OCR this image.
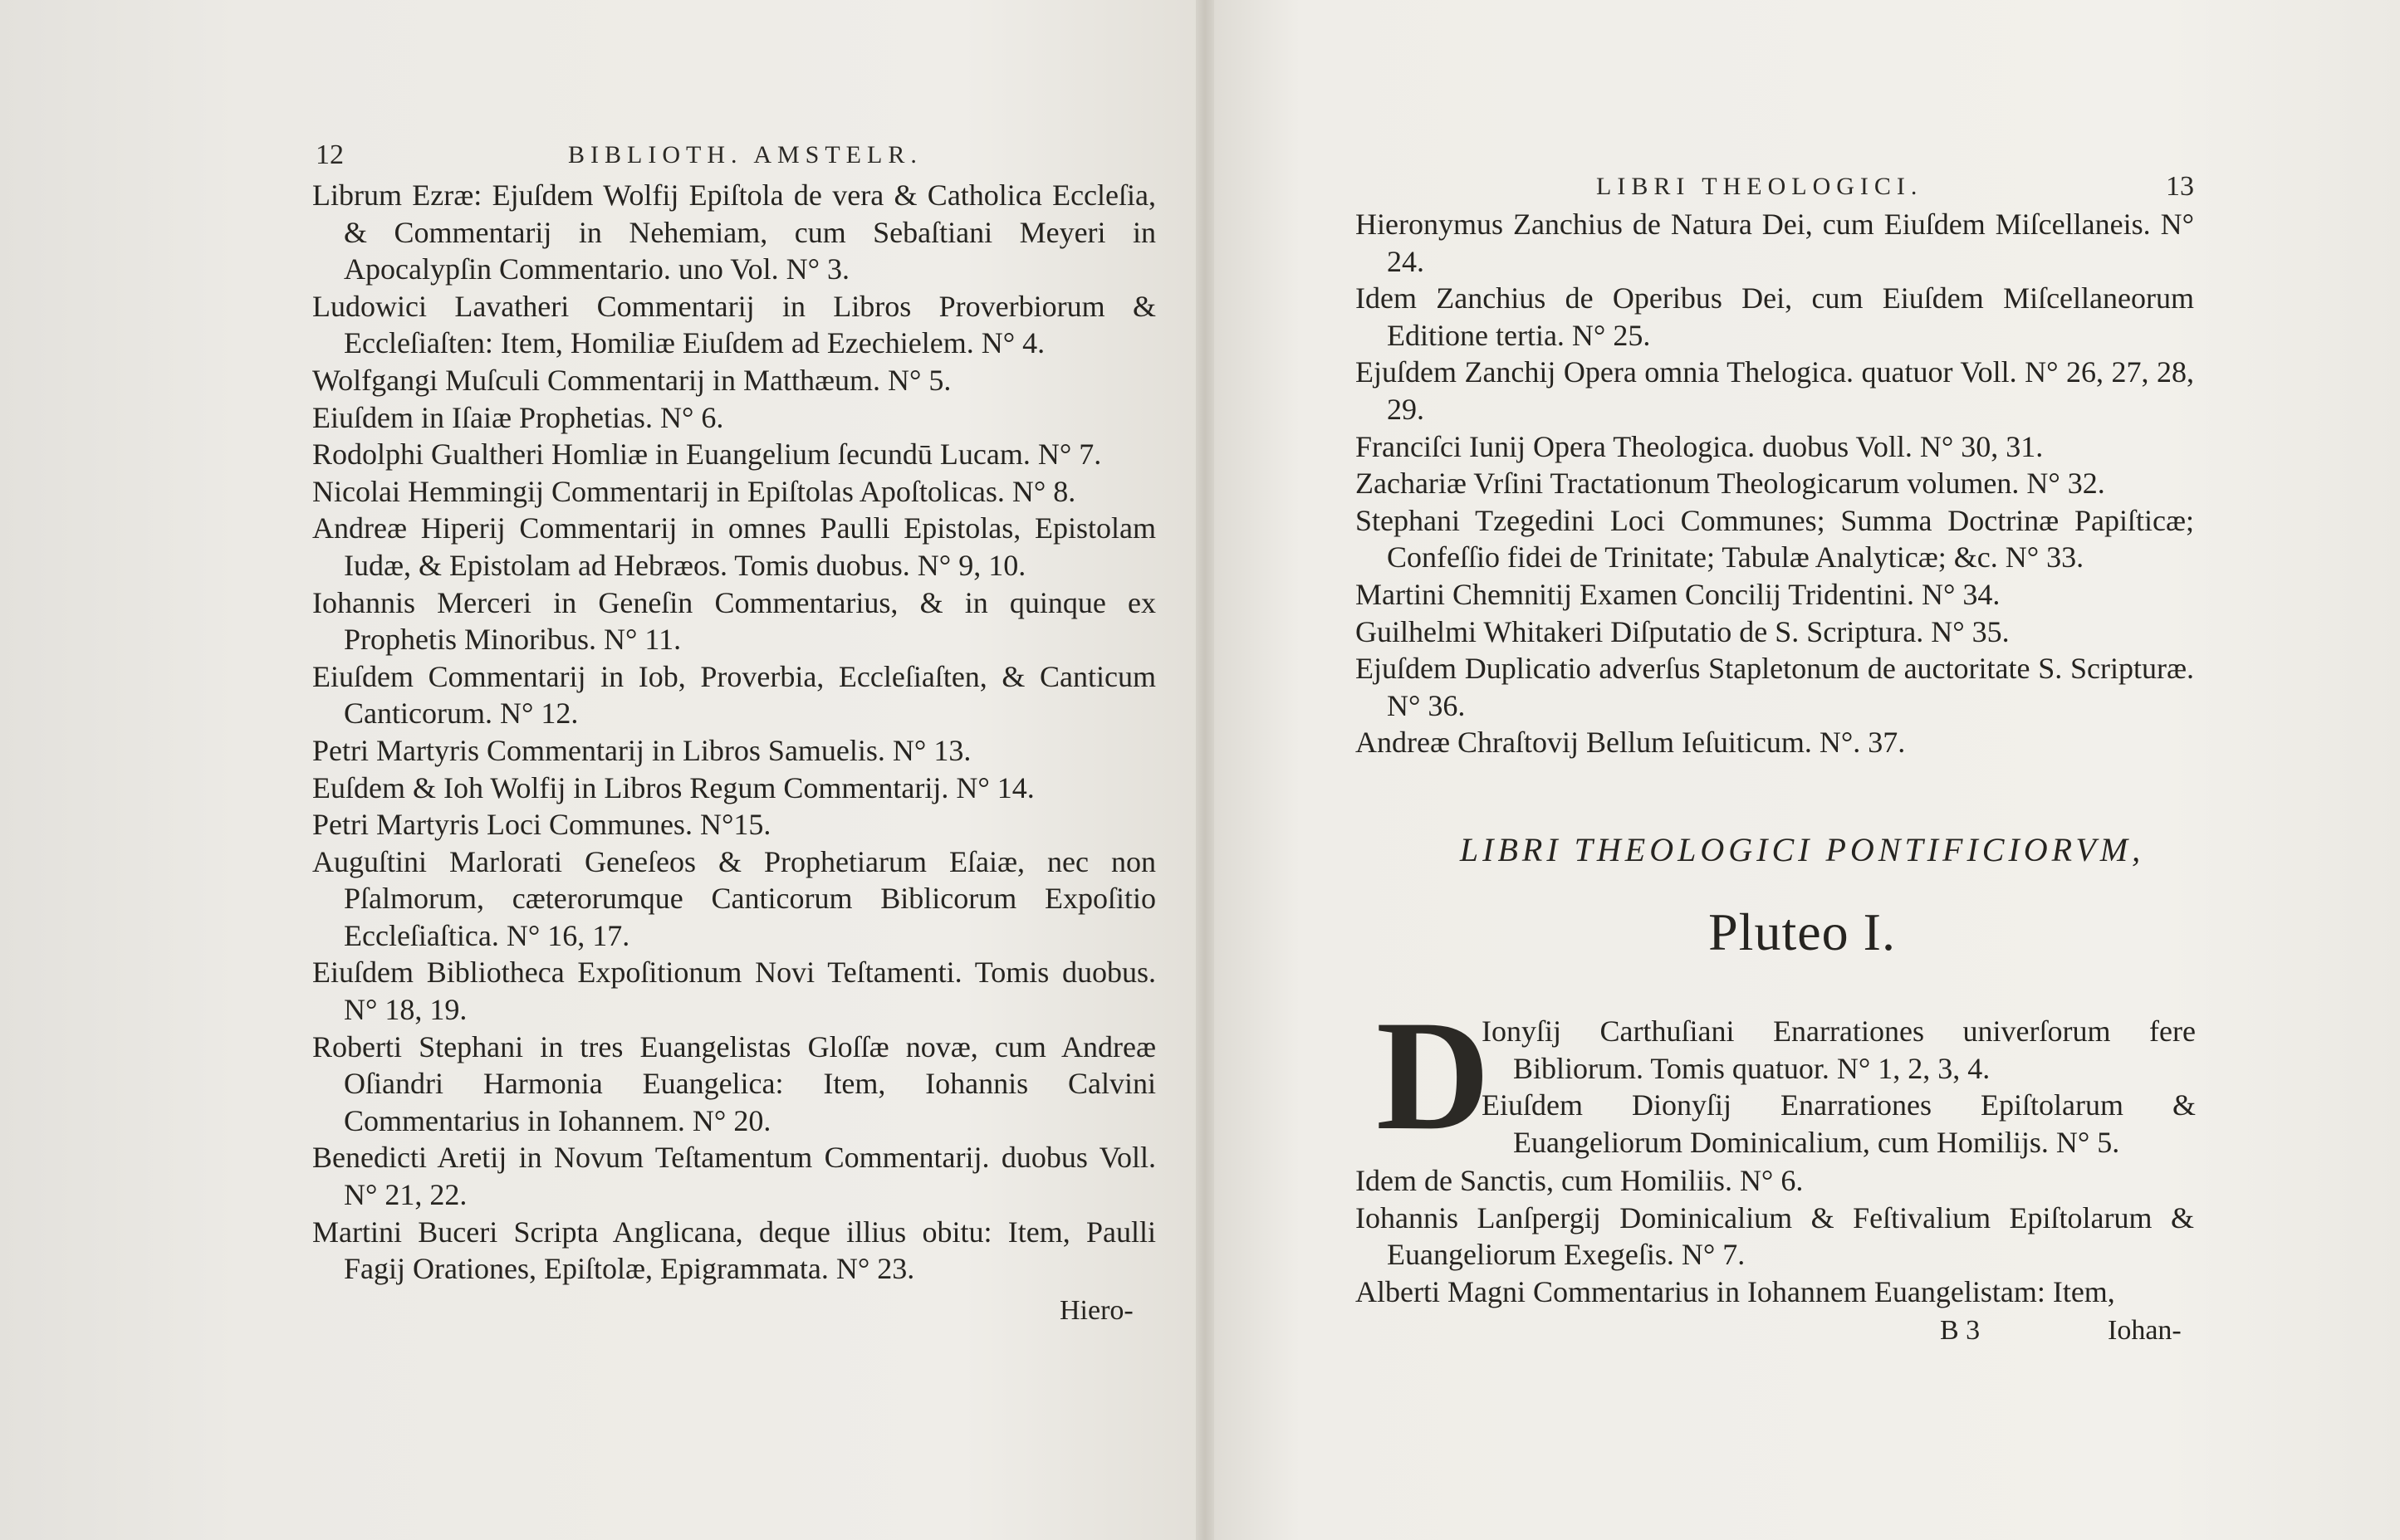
12	BIBLIOTH. AMSTELR.

Librum Ezræ: Ejuſdem Wolfij Epiſtola de vera & Catholica Eccleſia, & Commentarij in Nehemiam, cum Sebaſtiani Meyeri in Apocalypſin Commentario. uno Vol. N° 3.

Ludowici Lavatheri Commentarij in Libros Proverbiorum & Eccleſiaſten: Item, Homiliæ Eiuſdem ad Ezechielem. N° 4.

Wolfgangi Muſculi Commentarij in Matthæum. N° 5.

Eiuſdem in Iſaiæ Prophetias. N° 6.

Rodolphi Gualtheri Homliæ in Euangelium ſecundū Lucam. N° 7.

Nicolai Hemmingij Commentarij in Epiſtolas Apoſtolicas. N° 8.

Andreæ Hiperij Commentarij in omnes Paulli Epistolas, Epistolam Iudæ, & Epistolam ad Hebræos. Tomis duobus. N° 9, 10.

Iohannis Merceri in Geneſin Commentarius, & in quinque ex Prophetis Minoribus. N° 11.

Eiuſdem Commentarij in Iob, Proverbia, Eccleſiaſten, & Canticum Canticorum. N° 12.

Petri Martyris Commentarij in Libros Samuelis. N° 13.

Euſdem & Ioh Wolfij in Libros Regum Commentarij. N° 14.

Petri Martyris Loci Communes. N°15.

Auguſtini Marlorati Geneſeos & Prophetiarum Eſaiæ, nec non Pſalmorum, cæterorumque Canticorum Biblicorum Expoſitio Eccleſiaſtica. N° 16, 17.

Eiuſdem Bibliotheca Expoſitionum Novi Teſtamenti. Tomis duobus. N° 18, 19.

Roberti Stephani in tres Euangelistas Gloſſæ novæ, cum Andreæ Oſiandri Harmonia Euangelica: Item, Iohannis Calvini Commentarius in Iohannem. N° 20.

Benedicti Aretij in Novum Teſtamentum Commentarij. duobus Voll. N° 21, 22.

Martini Buceri Scripta Anglicana, deque illius obitu: Item, Paulli Fagij Orationes, Epiſtolæ, Epigrammata. N° 23.

Hiero-
LIBRI THEOLOGICI.	13

Hieronymus Zanchius de Natura Dei, cum Eiuſdem Miſcellaneis. N° 24.

Idem Zanchius de Operibus Dei, cum Eiuſdem Miſcellaneorum Editione tertia. N° 25.

Ejuſdem Zanchij Opera omnia Thelogica. quatuor Voll. N° 26, 27, 28, 29.

Franciſci Iunij Opera Theologica. duobus Voll. N° 30, 31.

Zachariæ Vrſini Tractationum Theologicarum volumen. N° 32.

Stephani Tzegedini Loci Communes; Summa Doctrinæ Papiſticæ; Confeſſio fidei de Trinitate; Tabulæ Analyticæ; &c. N° 33.

Martini Chemnitij Examen Concilij Tridentini. N° 34.

Guilhelmi Whitakeri Diſputatio de S. Scriptura. N° 35.

Ejuſdem Duplicatio adverſus Stapletonum de auctoritate S. Scripturæ. N° 36.

Andreæ Chraſtovij Bellum Ieſuiticum. N°. 37.

LIBRI THEOLOGICI PONTIFICIORVM,
Pluteo I.
D

Ionyſij Carthuſiani Enarrationes univerſorum fere Bibliorum. Tomis quatuor. N° 1, 2, 3, 4.

Eiuſdem Dionyſij Enarrationes Epiſtolarum & Euangeliorum Dominicalium, cum Homilijs. N° 5.

Idem de Sanctis, cum Homiliis. N° 6.

Iohannis Lanſpergij Dominicalium & Feſtivalium Epiſtolarum & Euangeliorum Exegeſis. N° 7.

Alberti Magni Commentarius in Iohannem Euangelistam: Item,

B 3	Iohan-
